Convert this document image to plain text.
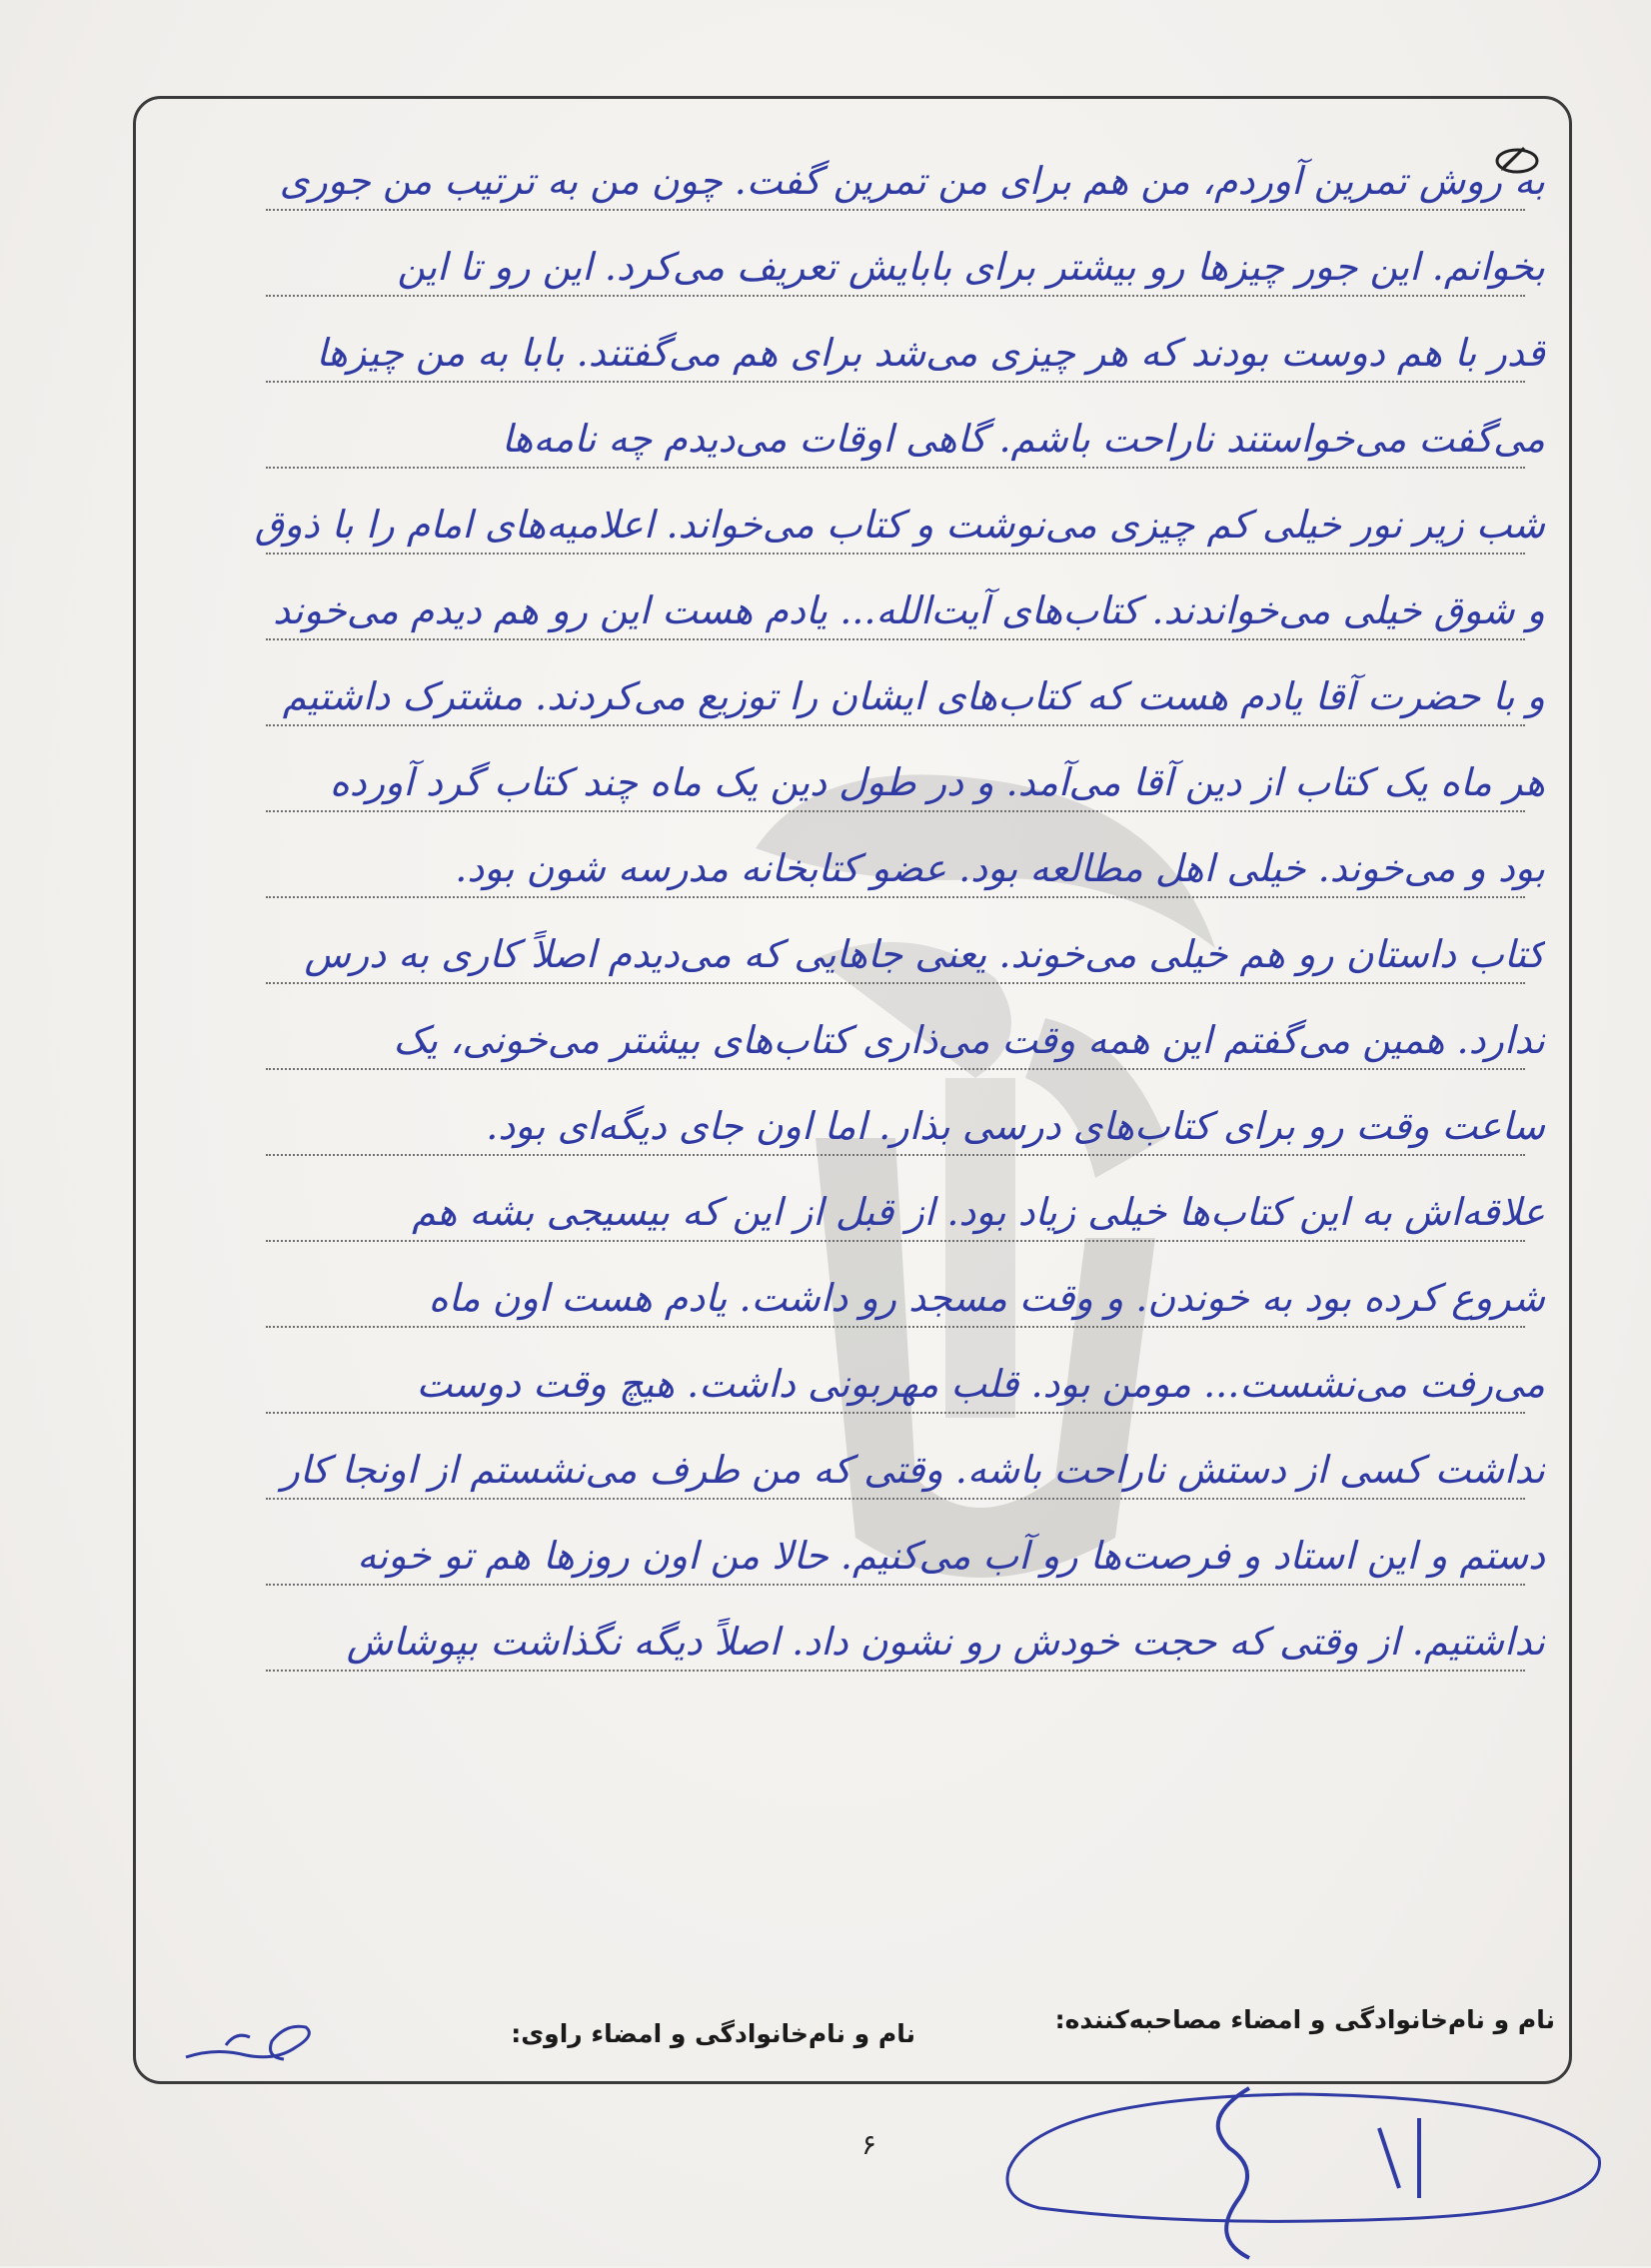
به روش تمرین آوردم، من هم برای من تمرین گفت. چون من به ترتیب من جوری
بخوانم. این جور چیزها رو بیشتر برای بابایش تعریف می‌کرد. این رو تا این
قدر با هم دوست بودند که هر چیزی می‌شد برای هم می‌گفتند. بابا به من چیزها
می‌گفت می‌خواستند ناراحت باشم. گاهی اوقات می‌دیدم چه نامه‌ها
شب زیر نور خیلی کم چیزی می‌نوشت و کتاب می‌خواند. اعلامیه‌های امام را با ذوق
و شوق خیلی می‌خواندند. کتاب‌های آیت‌الله... یادم هست این رو هم دیدم می‌خوند
و با حضرت آقا یادم هست که کتاب‌های ایشان را توزیع می‌کردند. مشترک داشتیم
هر ماه یک کتاب از دین آقا می‌آمد. و در طول دین یک ماه چند کتاب گرد آورده
بود و می‌خوند. خیلی اهل مطالعه بود. عضو کتابخانه مدرسه شون بود.
کتاب داستان رو هم خیلی می‌خوند. یعنی جاهایی که می‌دیدم اصلاً کاری به درس
ندارد. همین می‌گفتم این همه وقت می‌ذاری کتاب‌های بیشتر می‌خونی، یک
ساعت وقت رو برای کتاب‌های درسی بذار. اما اون جای دیگه‌ای بود.
علاقه‌اش به این کتاب‌ها خیلی زیاد بود. از قبل از این که بیسیجی بشه هم
شروع کرده بود به خوندن. و وقت مسجد رو داشت. یادم هست اون ماه
می‌رفت می‌نشست... مومن بود. قلب مهربونی داشت. هیچ وقت دوست
نداشت کسی از دستش ناراحت باشه. وقتی که من طرف می‌نشستم از اونجا کار
دستم و این استاد و فرصت‌ها رو آب می‌کنیم. حالا من اون روزها هم تو خونه
نداشتیم. از وقتی که حجت خودش رو نشون داد. اصلاً دیگه نگذاشت بپوشاش
نام و نام‌خانوادگی و امضاء مصاحبه‌کننده:
نام و نام‌خانوادگی و امضاء راوی:
۶
